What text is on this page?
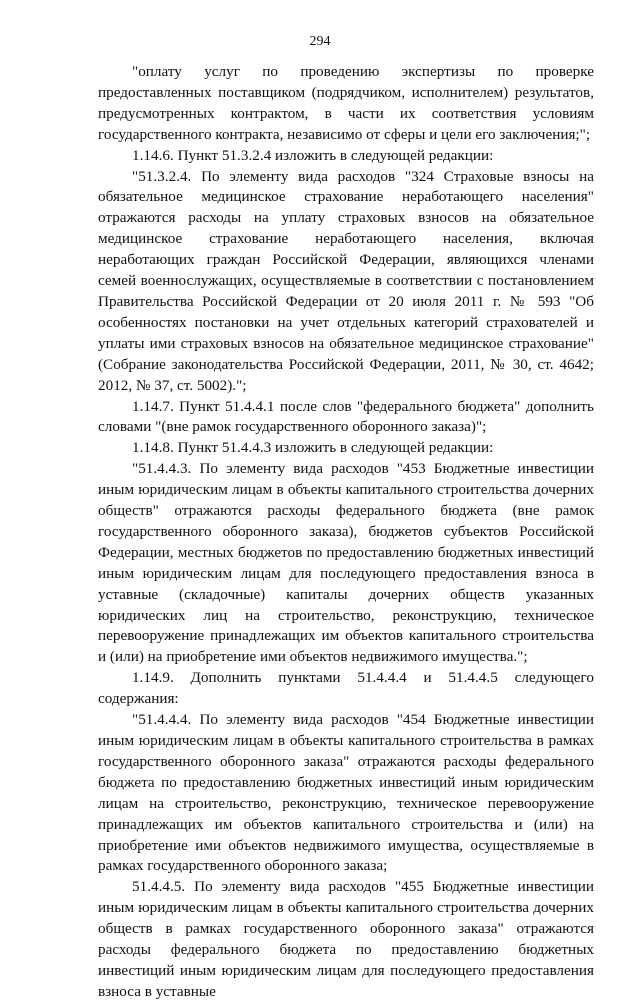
294

"оплату услуг по проведению экспертизы по проверке предоставленных поставщиком (подрядчиком, исполнителем) результатов, предусмотренных контрактом, в части их соответствия условиям государственного контракта, независимо от сферы и цели его заключения;";

1.14.6. Пункт 51.3.2.4 изложить в следующей редакции:

"51.3.2.4. По элементу вида расходов "324 Страховые взносы на обязательное медицинское страхование неработающего населения" отражаются расходы на уплату страховых взносов на обязательное медицинское страхование неработающего населения, включая неработающих граждан Российской Федерации, являющихся членами семей военнослужащих, осуществляемые в соответствии с постановлением Правительства Российской Федерации от 20 июля 2011 г. № 593 "Об особенностях постановки на учет отдельных категорий страхователей и уплаты ими страховых взносов на обязательное медицинское страхование" (Собрание законодательства Российской Федерации, 2011, № 30, ст. 4642; 2012, № 37, ст. 5002).";

1.14.7. Пункт 51.4.4.1 после слов "федерального бюджета" дополнить словами "(вне рамок государственного оборонного заказа)";

1.14.8. Пункт 51.4.4.3 изложить в следующей редакции:

"51.4.4.3. По элементу вида расходов "453 Бюджетные инвестиции иным юридическим лицам в объекты капитального строительства дочерних обществ" отражаются расходы федерального бюджета (вне рамок государственного оборонного заказа), бюджетов субъектов Российской Федерации, местных бюджетов по предоставлению бюджетных инвестиций иным юридическим лицам для последующего предоставления взноса в уставные (складочные) капиталы дочерних обществ указанных юридических лиц на строительство, реконструкцию, техническое перевооружение принадлежащих им объектов капитального строительства и (или) на приобретение ими объектов недвижимого имущества.";

1.14.9. Дополнить пунктами 51.4.4.4 и 51.4.4.5 следующего содержания:

"51.4.4.4. По элементу вида расходов "454 Бюджетные инвестиции иным юридическим лицам в объекты капитального строительства в рамках государственного оборонного заказа" отражаются расходы федерального бюджета по предоставлению бюджетных инвестиций иным юридическим лицам на строительство, реконструкцию, техническое перевооружение принадлежащих им объектов капитального строительства и (или) на приобретение ими объектов недвижимого имущества, осуществляемые в рамках государственного оборонного заказа;

51.4.4.5. По элементу вида расходов "455 Бюджетные инвестиции иным юридическим лицам в объекты капитального строительства дочерних обществ в рамках государственного оборонного заказа" отражаются расходы федерального бюджета по предоставлению бюджетных инвестиций иным юридическим лицам для последующего предоставления взноса в уставные
